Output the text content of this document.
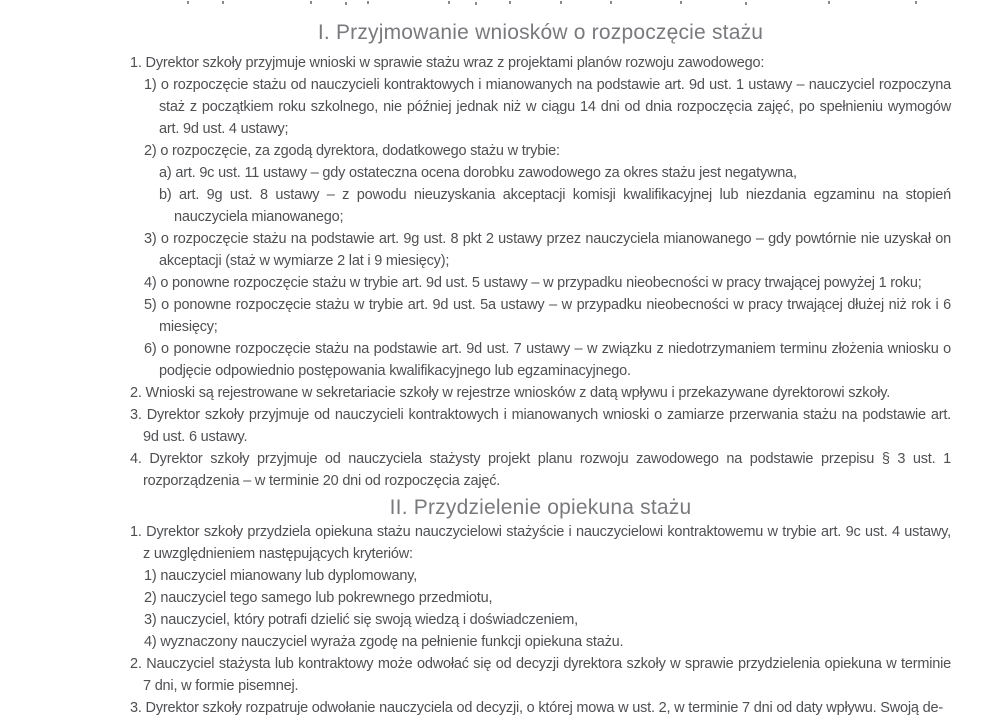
I. Przyjmowanie wniosków o rozpoczęcie stażu
1. Dyrektor szkoły przyjmuje wnioski w sprawie stażu wraz z projektami planów rozwoju zawodowego:
1) o rozpoczęcie stażu od nauczycieli kontraktowych i mianowanych na podstawie art. 9d ust. 1 ustawy – nauczyciel rozpoczyna staż z początkiem roku szkolnego, nie później jednak niż w ciągu 14 dni od dnia rozpoczęcia zajęć, po spełnieniu wymogów art. 9d ust. 4 ustawy;
2) o rozpoczęcie, za zgodą dyrektora, dodatkowego stażu w trybie:
a) art. 9c ust. 11 ustawy – gdy ostateczna ocena dorobku zawodowego za okres stażu jest negatywna,
b) art. 9g ust. 8 ustawy – z powodu nieuzyskania akceptacji komisji kwalifikacyjnej lub niezdania egzaminu na stopień nauczyciela mianowanego;
3) o rozpoczęcie stażu na podstawie art. 9g ust. 8 pkt 2 ustawy przez nauczyciela mianowanego – gdy powtórnie nie uzyskał on akceptacji (staż w wymiarze 2 lat i 9 miesięcy);
4) o ponowne rozpoczęcie stażu w trybie art. 9d ust. 5 ustawy – w przypadku nieobecności w pracy trwającej powyżej 1 roku;
5) o ponowne rozpoczęcie stażu w trybie art. 9d ust. 5a ustawy – w przypadku nieobecności w pracy trwającej dłużej niż rok i 6 miesięcy;
6) o ponowne rozpoczęcie stażu na podstawie art. 9d ust. 7 ustawy – w związku z niedotrzymaniem terminu złożenia wniosku o podjęcie odpowiednio postępowania kwalifikacyjnego lub egzaminacyjnego.
2. Wnioski są rejestrowane w sekretariacie szkoły w rejestrze wniosków z datą wpływu i przekazywane dyrektorowi szkoły.
3. Dyrektor szkoły przyjmuje od nauczycieli kontraktowych i mianowanych wnioski o zamiarze przerwania stażu na podstawie art. 9d ust. 6 ustawy.
4. Dyrektor szkoły przyjmuje od nauczyciela stażysty projekt planu rozwoju zawodowego na podstawie przepisu § 3 ust. 1 rozporządzenia – w terminie 20 dni od rozpoczęcia zajęć.
II. Przydzielenie opiekuna stażu
1. Dyrektor szkoły przydziela opiekuna stażu nauczycielowi stażyście i nauczycielowi kontraktowemu w trybie art. 9c ust. 4 ustawy, z uwzględnieniem następujących kryteriów:
1) nauczyciel mianowany lub dyplomowany,
2) nauczyciel tego samego lub pokrewnego przedmiotu,
3) nauczyciel, który potrafi dzielić się swoją wiedzą i doświadczeniem,
4) wyznaczony nauczyciel wyraża zgodę na pełnienie funkcji opiekuna stażu.
2. Nauczyciel stażysta lub kontraktowy może odwołać się od decyzji dyrektora szkoły w sprawie przydzielenia opiekuna w terminie 7 dni, w formie pisemnej.
3. Dyrektor szkoły rozpatruje odwołanie nauczyciela od decyzji, o której mowa w ust. 2, w terminie 7 dni od daty wpływu. Swoją de-
